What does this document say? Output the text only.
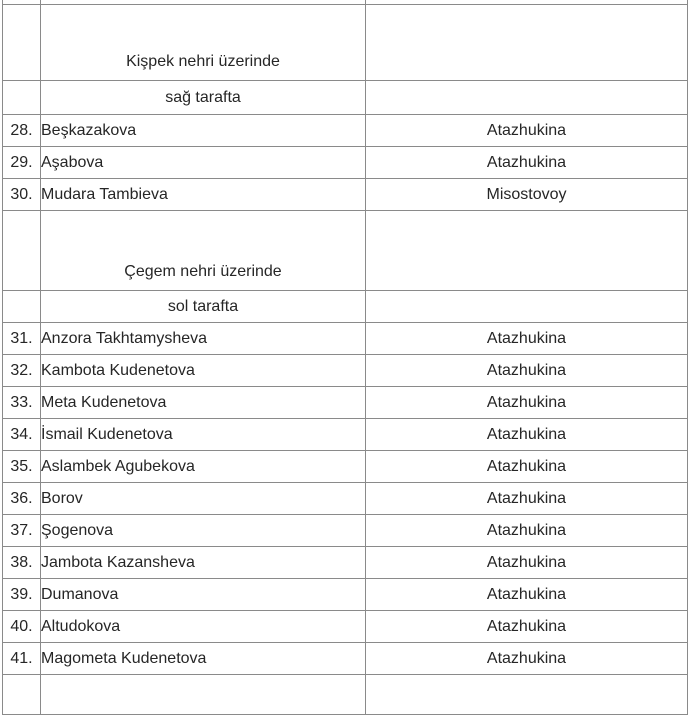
	Kişpek nehri üzerinde	
	sağ tarafta	
28.	Beşkazakova	Atazhukina
29.	Aşabova	Atazhukina
30.	Mudara Tambieva	Misostovoy
	Çegem nehri üzerinde	
	sol tarafta	
31.	Anzora Takhtamysheva	Atazhukina
32.	Kambota Kudenetova	Atazhukina
33.	Meta Kudenetova	Atazhukina
34.	İsmail Kudenetova	Atazhukina
35.	Aslambek Agubekova	Atazhukina
36.	Borov	Atazhukina
37.	Şogenova	Atazhukina
38.	Jambota Kazansheva	Atazhukina
39.	Dumanova	Atazhukina
40.	Altudokova	Atazhukina
41.	Magometa Kudenetova	Atazhukina
